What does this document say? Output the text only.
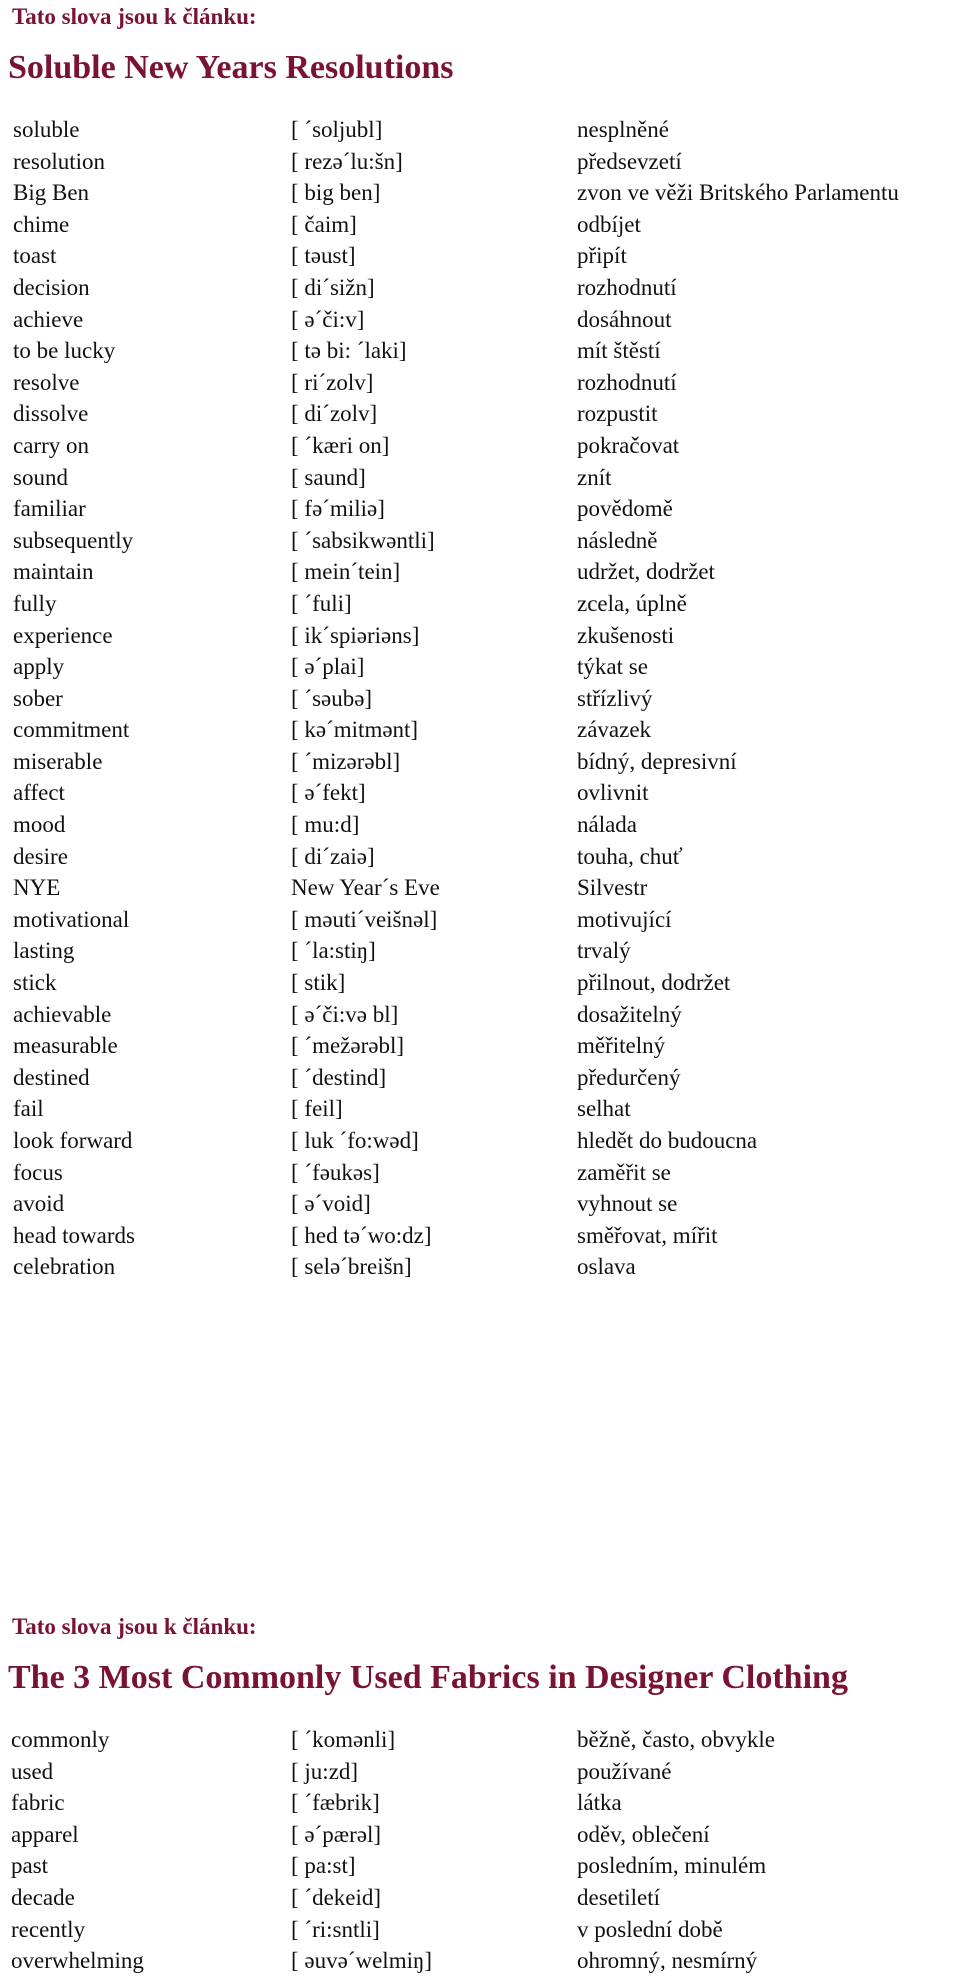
Tato slova jsou k článku:

Soluble New Years Resolutions
soluble	[ ´soljubl]	nesplněné
resolution	[ rezə´lu:šn]	předsevzetí
Big Ben	[ big ben]	zvon ve věži Britského Parlamentu
chime	[ čaim]	odbíjet
toast	[ təust]	připít
decision	[ di´sižn]	rozhodnutí
achieve	[ ə´či:v]	dosáhnout
to be lucky	[ tə bi: ´laki]	mít štěstí
resolve	[ ri´zolv]	rozhodnutí
dissolve	[ di´zolv]	rozpustit
carry on	[ ´kæri on]	pokračovat
sound	[ saund]	znít
familiar	[ fə´miliə]	povědomě
subsequently	[ ´sabsikwəntli]	následně
maintain	[ mein´tein]	udržet, dodržet
fully	[ ´fuli]	zcela, úplně
experience	[ ik´spiəriəns]	zkušenosti
apply	[ ə´plai]	týkat se
sober	[ ´səubə]	střízlivý
commitment	[ kə´mitmənt]	závazek
miserable	[ ´mizərəbl]	bídný, depresivní
affect	[ ə´fekt]	ovlivnit
mood	[ mu:d]	nálada
desire	[ di´zaiə]	touha, chuť
NYE	New Year´s Eve	Silvestr
motivational	[ məuti´veišnəl]	motivující
lasting	[ ´la:stiŋ]	trvalý
stick	[ stik]	přilnout, dodržet
achievable	[ ə´či:və bl]	dosažitelný
measurable	[ ´mežərəbl]	měřitelný
destined	[ ´destind]	předurčený
fail	[ feil]	selhat
look forward	[ luk ´fo:wəd]	hledět do budoucna
focus	[ ´fəukəs]	zaměřit se
avoid	[ ə´void]	vyhnout se
head towards	[ hed tə´wo:dz]	směřovat, mířit
celebration	[ selə´breišn]	oslava

Tato slova jsou k článku:

The 3 Most Commonly Used Fabrics in Designer Clothing
commonly	[ ´komənli]	běžně, často, obvykle
used	[ ju:zd]	používané
fabric	[ ´fæbrik]	látka
apparel	[ ə´pærəl]	oděv, oblečení
past	[ pa:st]	posledním, minulém
decade	[ ´dekeid]	desetiletí
recently	[ ´ri:sntli]	v poslední době
overwhelming	[ əuvə´welmiŋ]	ohromný, nesmírný
